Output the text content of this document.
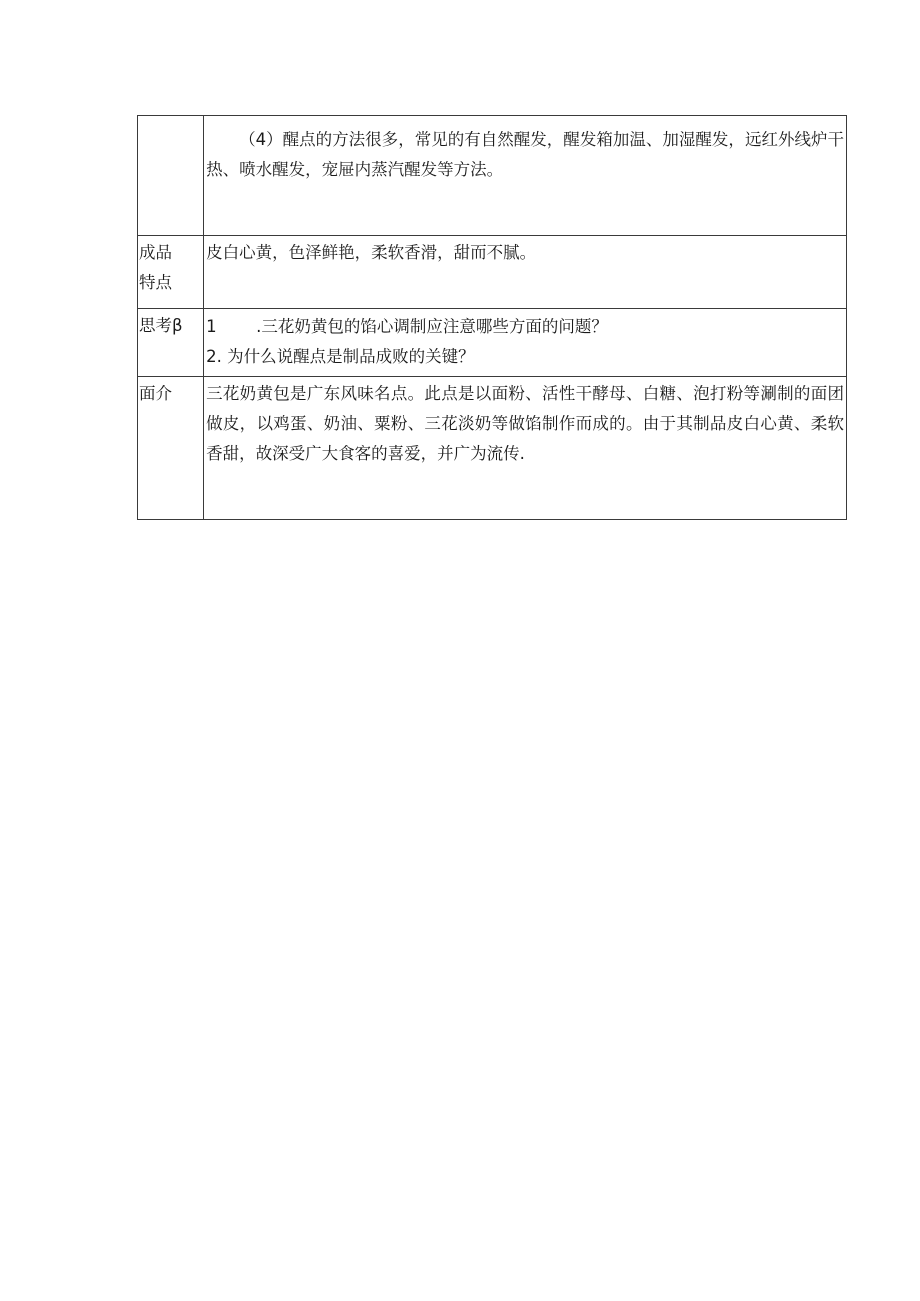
	（4）醒点的方法很多，常见的有自然醒发，醒发箱加温、加湿醒发，远红外线炉干热、喷水醒发，宠屉内蒸汽醒发等方法。

成品
特点	皮白心黄，色泽鲜艳，柔软香滑，甜而不腻。

思考β	1 .三花奶黄包的馅心调制应注意哪些方面的问题？

2. 为什么说醒点是制品成败的关键？

面介	三花奶黄包是广东风味名点。此点是以面粉、活性干酵母、白糖、泡打粉等涮制的面团做皮，以鸡蛋、奶油、粟粉、三花淡奶等做馅制作而成的。由于其制品皮白心黄、柔软香甜，故深受广大食客的喜爱，并广为流传.
